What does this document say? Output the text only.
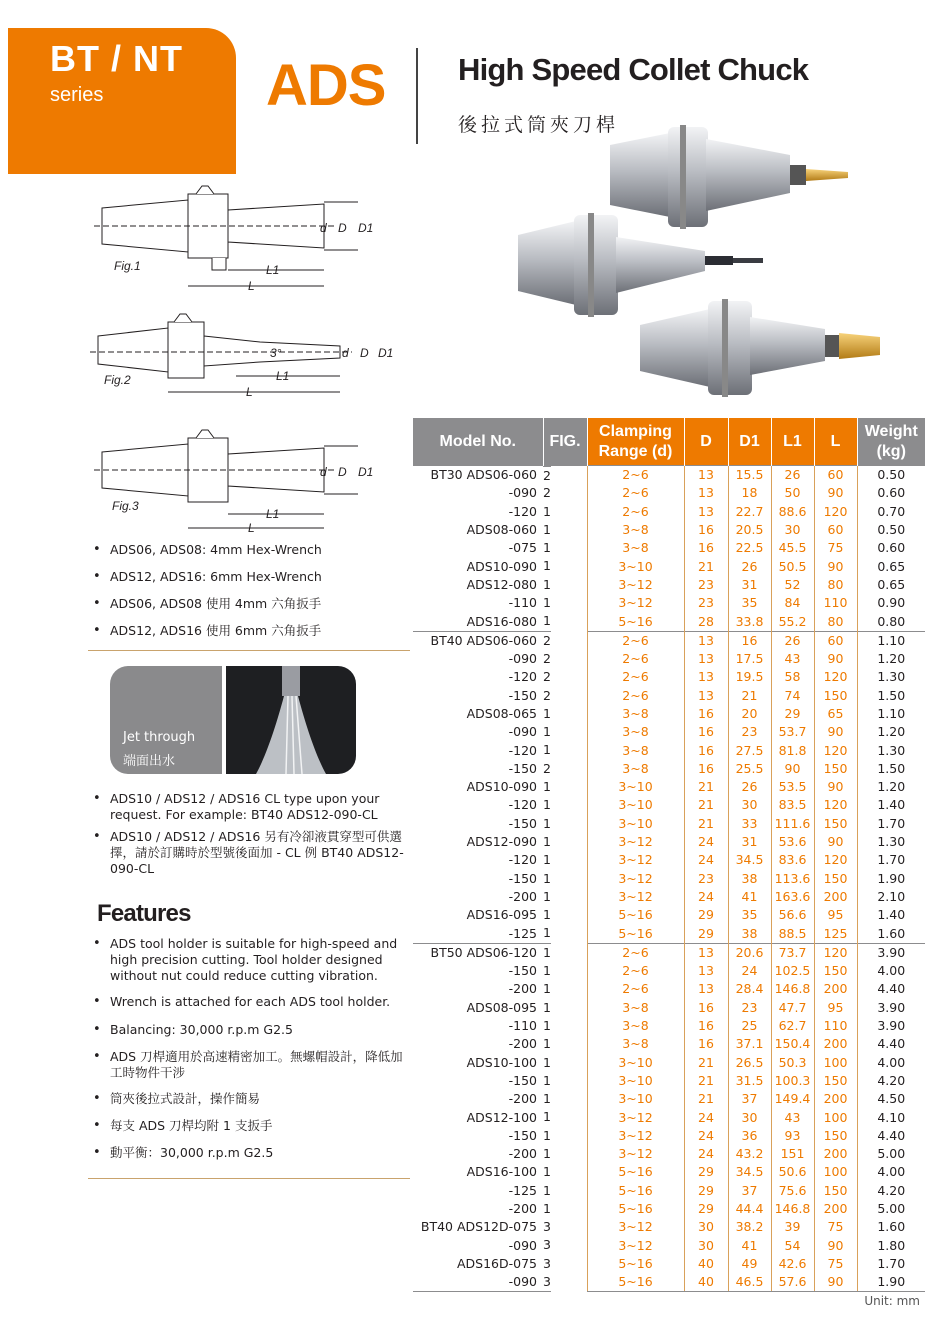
BT / NT
series	ADS High Speed Collet Chuck
後拉式筒夾刀桿
d D D1
L1
L
Fig.1
3°	d D D1
L1
L
Fig.2
d D D1
L1
L
Fig.3
• ADS06, ADS08: 4mm Hex-Wrench
• ADS12, ADS16: 6mm Hex-Wrench
• ADS06, ADS08 使用 4mm 六角扳手
• ADS12, ADS16 使用 6mm 六角扳手
Jet through
端面出水
• ADS10 / ADS12 / ADS16 CL type upon your request. For example: BT40 ADS12-090-CL
• ADS10 / ADS12 / ADS16 另有冷卻液貫穿型可供選擇，請於訂購時於型號後面加 - CL 例 BT40 ADS12-090-CL
Features
• ADS tool holder is suitable for high-speed and high precision cutting. Tool holder designed without nut could reduce cutting vibration.
• Wrench is attached for each ADS tool holder.
• Balancing: 30,000 r.p.m G2.5
• ADS 刀桿適用於高速精密加工。無螺帽設計，降低加工時物件干涉
• 筒夾後拉式設計，操作簡易
• 每支 ADS 刀桿均附 1 支扳手
• 動平衡：30,000 r.p.m G2.5
Model No.	FIG.	Clamping
Range (d)	D	D1	L1	L	Weight
(kg)
BT30 ADS06-060	2	2~6	13	15.5	26	60	0.50
-090	2	2~6	13	18	50	90	0.60
-120	1	2~6	13	22.7	88.6	120	0.70
ADS08-060	1	3~8	16	20.5	30	60	0.50
-075	1	3~8	16	22.5	45.5	75	0.60
ADS10-090	1	3~10	21	26	50.5	90	0.65
ADS12-080	1	3~12	23	31	52	80	0.65
-110	1	3~12	23	35	84	110	0.90
ADS16-080	1	5~16	28	33.8	55.2	80	0.80
BT40 ADS06-060	2	2~6	13	16	26	60	1.10
-090	2	2~6	13	17.5	43	90	1.20
-120	2	2~6	13	19.5	58	120	1.30
-150	2	2~6	13	21	74	150	1.50
ADS08-065	1	3~8	16	20	29	65	1.10
-090	1	3~8	16	23	53.7	90	1.20
-120	1	3~8	16	27.5	81.8	120	1.30
-150	2	3~8	16	25.5	90	150	1.50
ADS10-090	1	3~10	21	26	53.5	90	1.20
-120	1	3~10	21	30	83.5	120	1.40
-150	1	3~10	21	33	111.6	150	1.70
ADS12-090	1	3~12	24	31	53.6	90	1.30
-120	1	3~12	24	34.5	83.6	120	1.70
-150	1	3~12	23	38	113.6	150	1.90
-200	1	3~12	24	41	163.6	200	2.10
ADS16-095	1	5~16	29	35	56.6	95	1.40
-125	1	5~16	29	38	88.5	125	1.60
BT50 ADS06-120	1	2~6	13	20.6	73.7	120	3.90
-150	1	2~6	13	24	102.5	150	4.00
-200	1	2~6	13	28.4	146.8	200	4.40
ADS08-095	1	3~8	16	23	47.7	95	3.90
-110	1	3~8	16	25	62.7	110	3.90
-200	1	3~8	16	37.1	150.4	200	4.40
ADS10-100	1	3~10	21	26.5	50.3	100	4.00
-150	1	3~10	21	31.5	100.3	150	4.20
-200	1	3~10	21	37	149.4	200	4.50
ADS12-100	1	3~12	24	30	43	100	4.10
-150	1	3~12	24	36	93	150	4.40
-200	1	3~12	24	43.2	151	200	5.00
ADS16-100	1	5~16	29	34.5	50.6	100	4.00
-125	1	5~16	29	37	75.6	150	4.20
-200	1	5~16	29	44.4	146.8	200	5.00
BT40 ADS12D-075	3	3~12	30	38.2	39	75	1.60
-090	3	3~12	30	41	54	90	1.80
ADS16D-075	3	5~16	40	49	42.6	75	1.70
-090	3	5~16	40	46.5	57.6	90	1.90
Unit: mm
